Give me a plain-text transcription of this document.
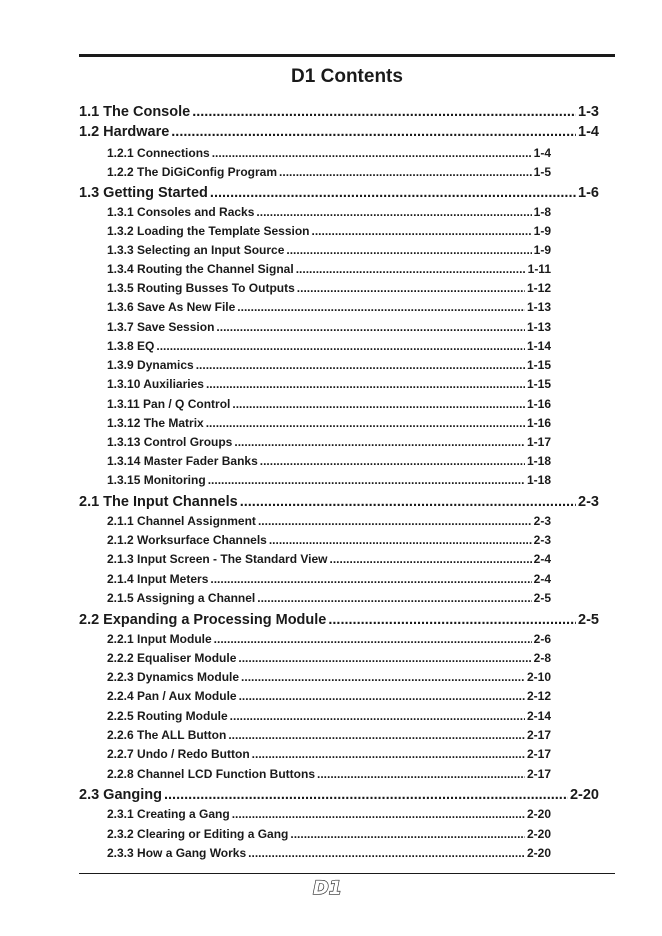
D1 Contents
1.1 The Console .....	1-3
1.2 Hardware .....	1-4
1.2.1 Connections .....	1-4
1.2.2 The DiGiConfig Program .....	1-5
1.3 Getting Started .....	1-6
1.3.1 Consoles and Racks .....	1-8
1.3.2 Loading the Template Session .....	1-9
1.3.3 Selecting an Input Source .....	1-9
1.3.4 Routing the Channel Signal .....	1-11
1.3.5 Routing Busses To Outputs .....	1-12
1.3.6 Save As New File .....	1-13
1.3.7 Save Session .....	1-13
1.3.8 EQ .....	1-14
1.3.9 Dynamics .....	1-15
1.3.10 Auxiliaries .....	1-15
1.3.11 Pan / Q Control .....	1-16
1.3.12 The Matrix .....	1-16
1.3.13 Control Groups .....	1-17
1.3.14 Master Fader Banks .....	1-18
1.3.15 Monitoring .....	1-18
2.1 The Input Channels .....	2-3
2.1.1 Channel Assignment .....	2-3
2.1.2 Worksurface Channels .....	2-3
2.1.3 Input Screen - The Standard View .....	2-4
2.1.4 Input Meters .....	2-4
2.1.5 Assigning a Channel .....	2-5
2.2 Expanding a Processing Module .....	2-5
2.2.1 Input Module .....	2-6
2.2.2 Equaliser Module .....	2-8
2.2.3 Dynamics Module .....	2-10
2.2.4 Pan / Aux Module .....	2-12
2.2.5 Routing Module .....	2-14
2.2.6 The ALL Button .....	2-17
2.2.7 Undo / Redo Button .....	2-17
2.2.8 Channel LCD Function Buttons .....	2-17
2.3 Ganging .....	2-20
2.3.1 Creating a Gang .....	2-20
2.3.2 Clearing or Editing a Gang .....	2-20
2.3.3 How a Gang Works .....	2-20
D1
